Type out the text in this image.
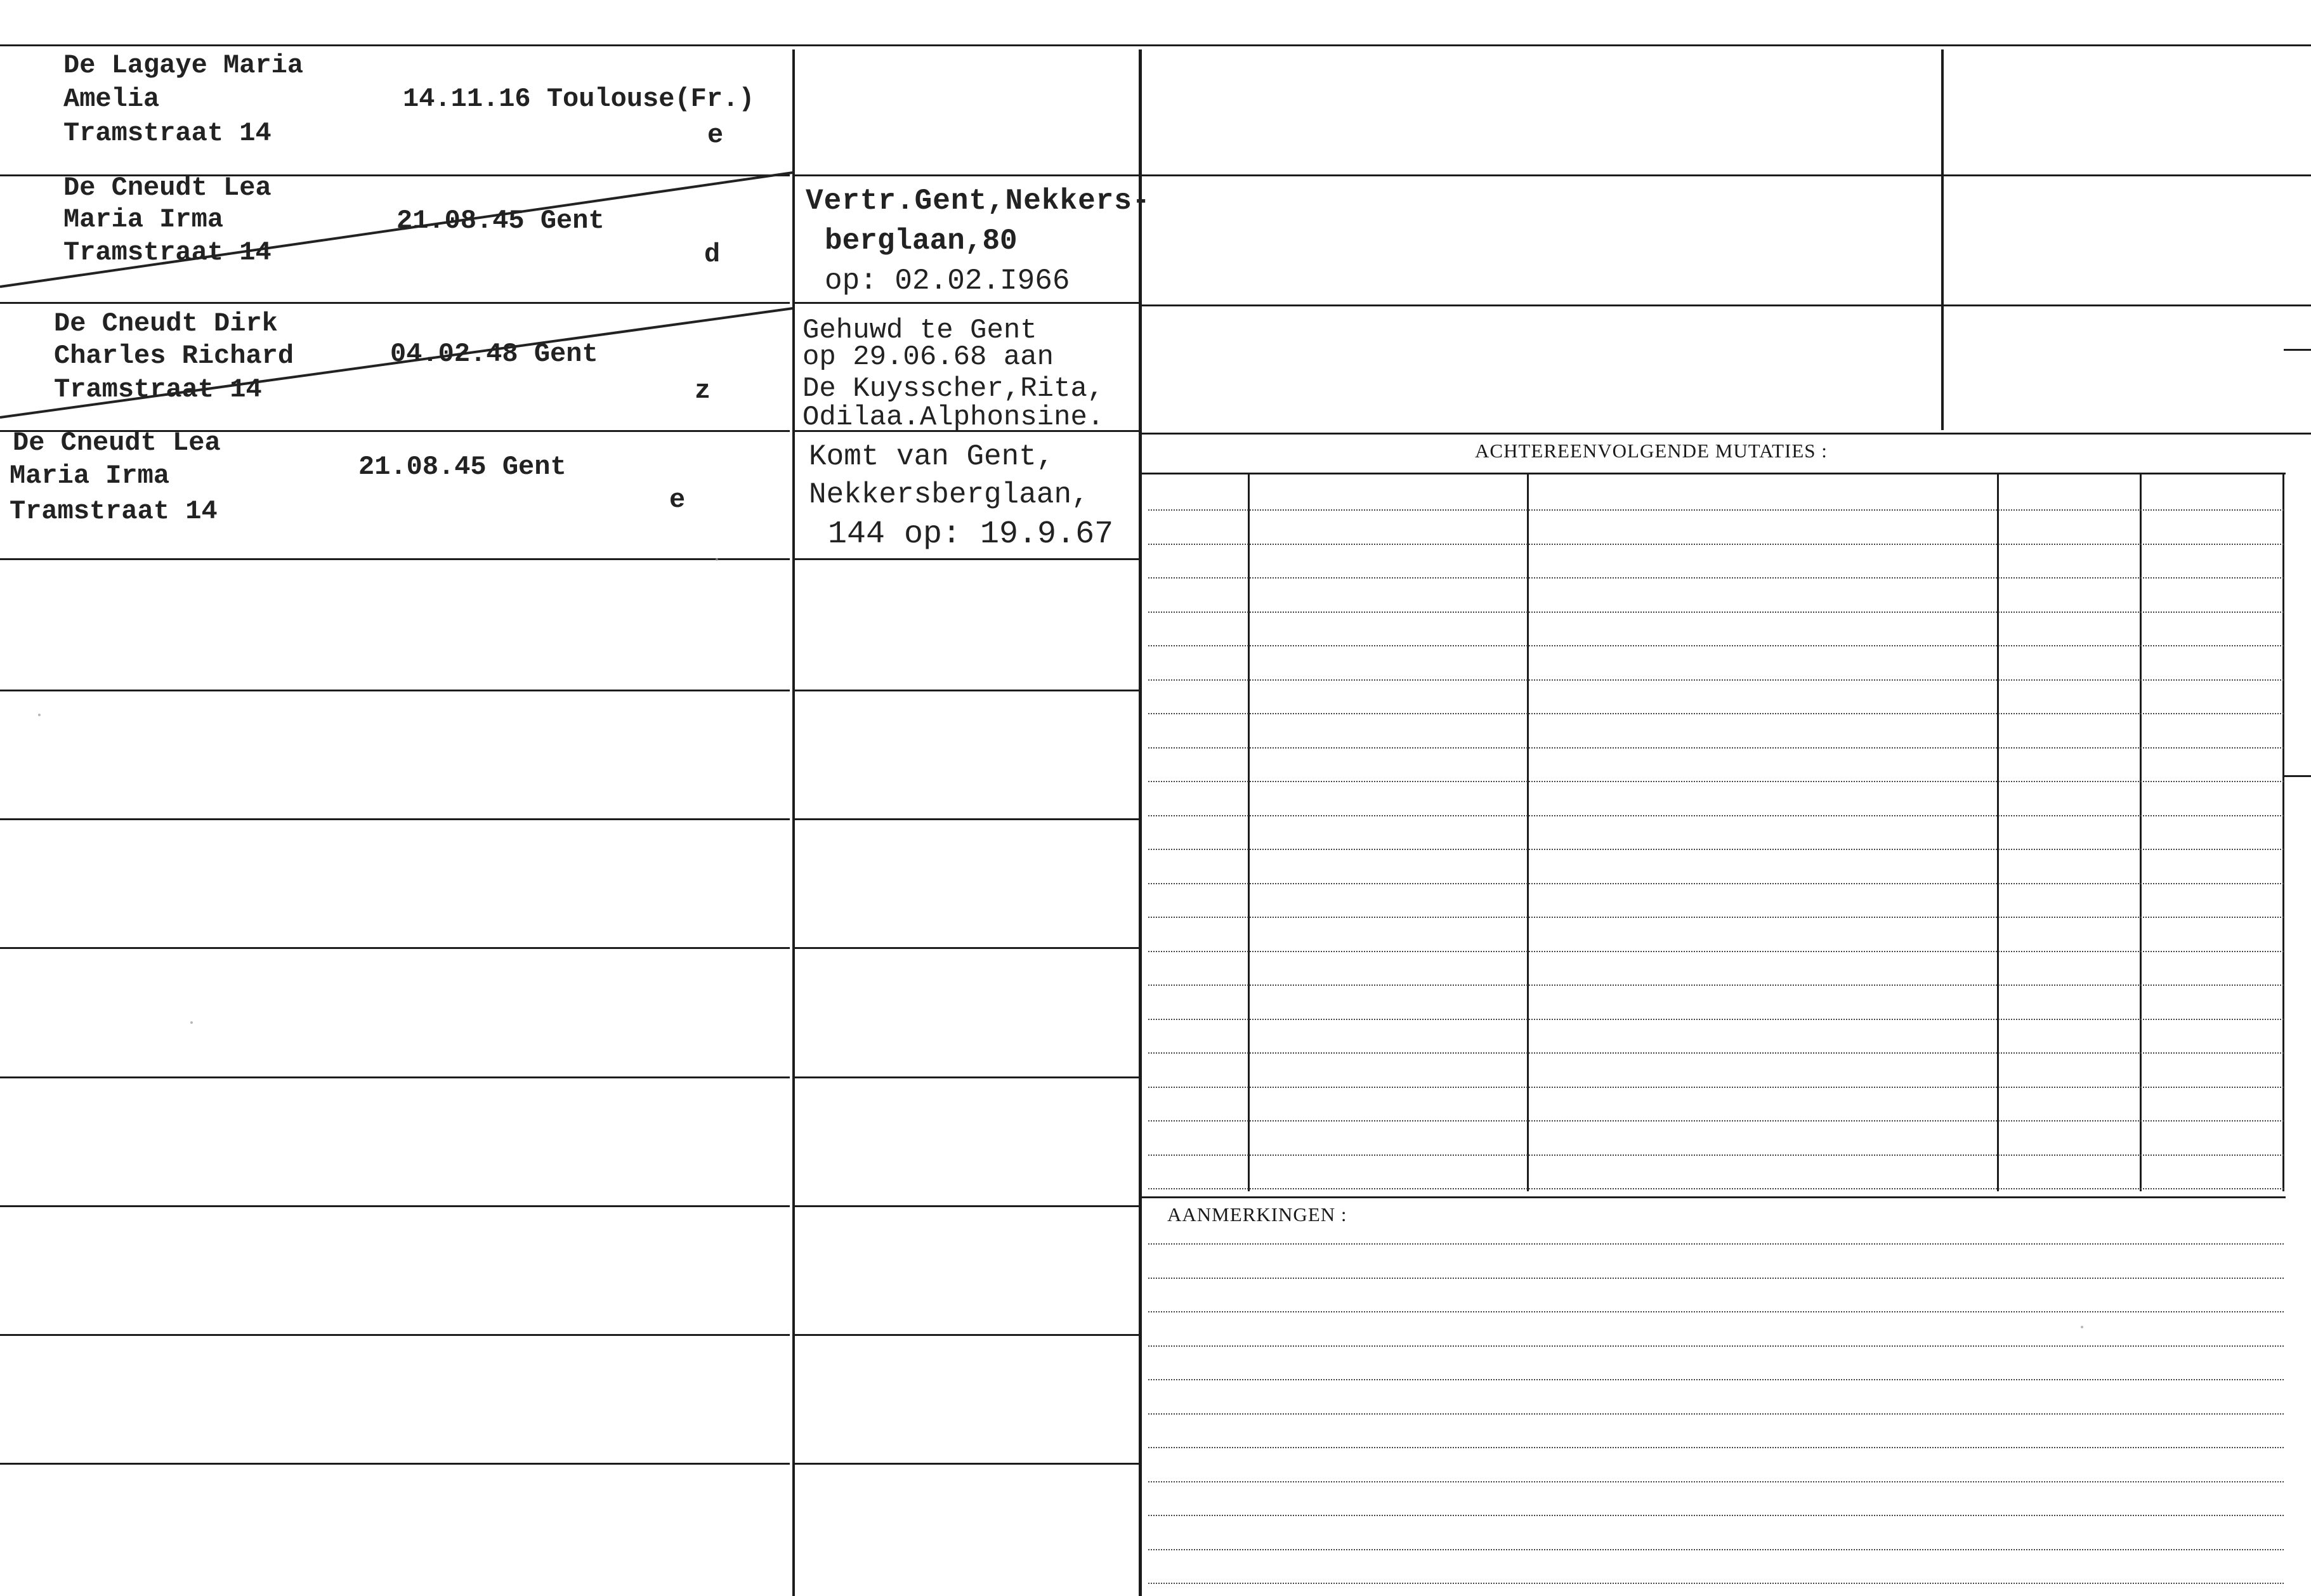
ACHTEREENVOLGENDE MUTATIES :
AANMERKINGEN :
De Lagaye Maria
Amelia
Tramstraat 14
14.11.16 Toulouse(Fr.)
e
De Cneudt Lea
Maria Irma
Tramstraat 14
21.08.45 Gent
d
De Cneudt Dirk
Charles Richard
Tramstraat 14
04.02.48 Gent
z
De Cneudt Lea
Maria Irma
Tramstraat 14
21.08.45 Gent
e
Vertr.Gent,Nekkers-
berglaan,80
op: 02.02.I966
Gehuwd te Gent
op 29.06.68 aan
De Kuysscher,Rita,
Odilaa.Alphonsine.
Komt van Gent,
Nekkersberglaan,
144 op: 19.9.67
